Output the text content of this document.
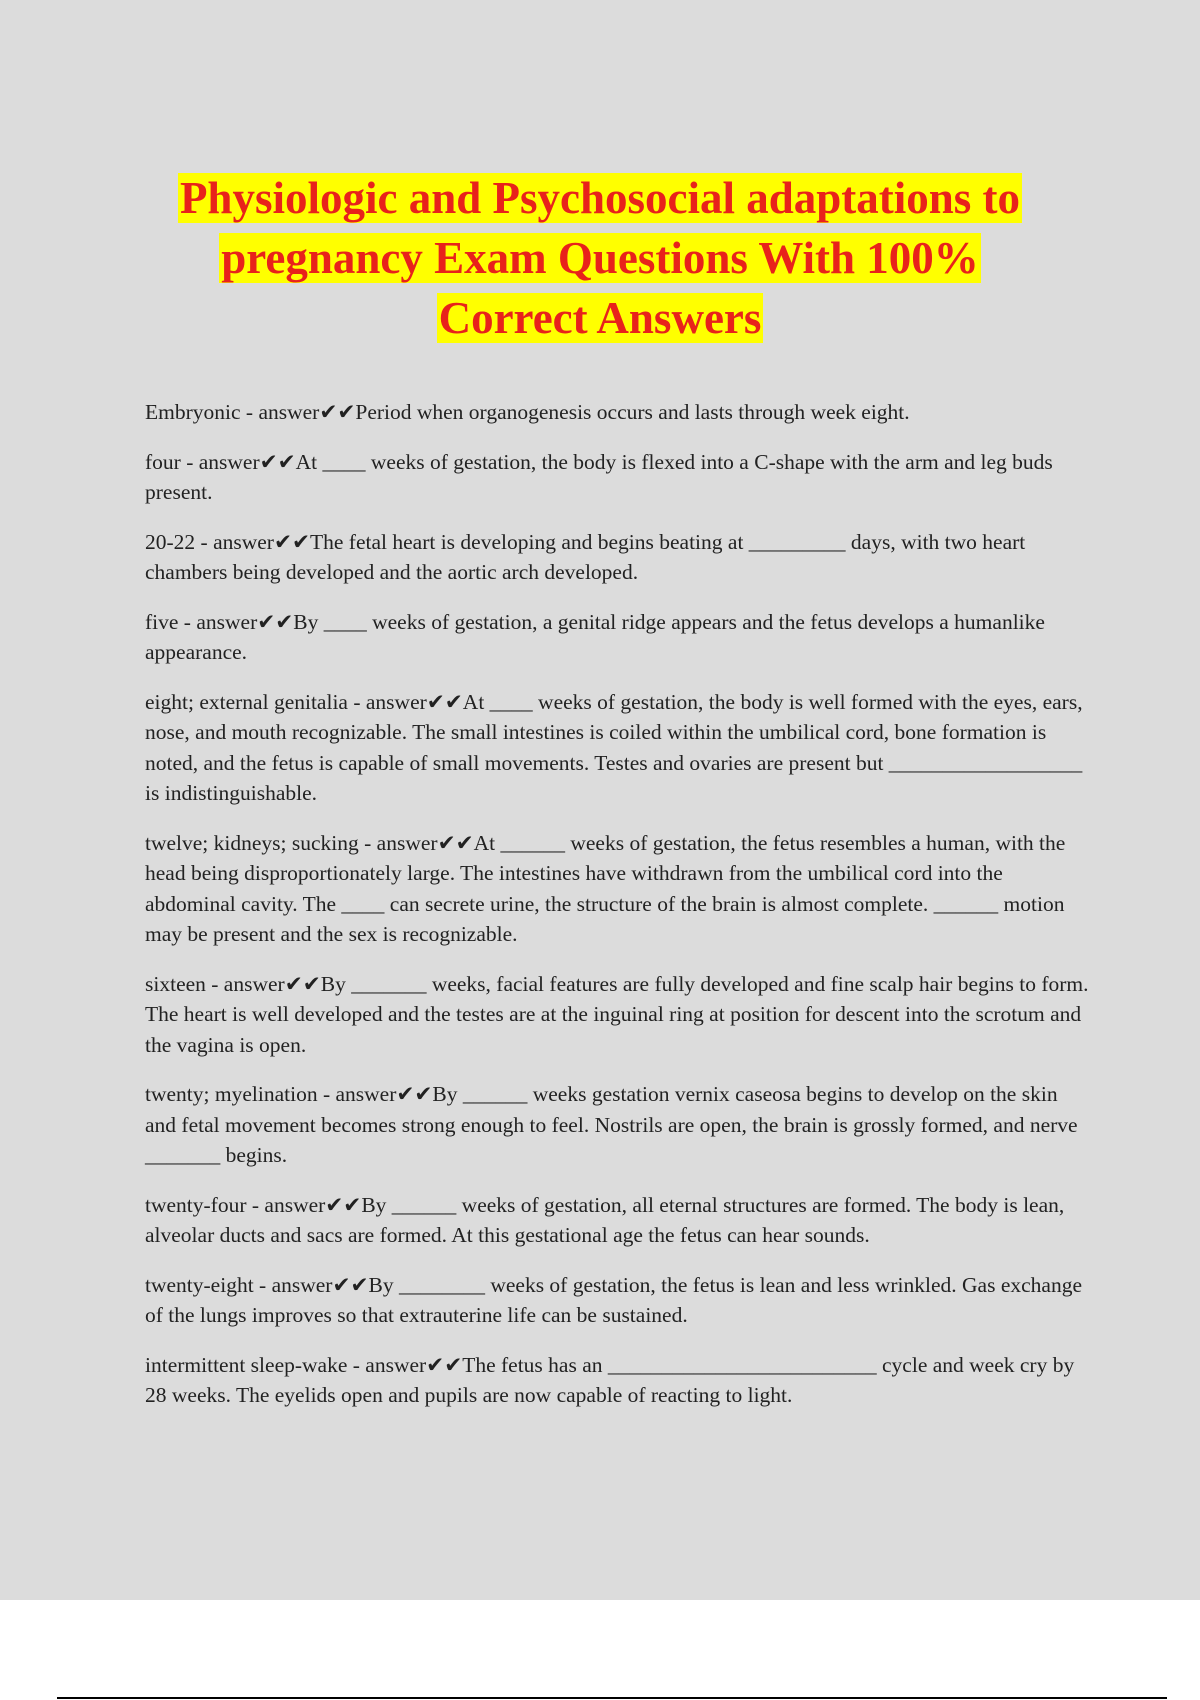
Physiologic and Psychosocial adaptations to
pregnancy Exam Questions With 100%
Correct Answers

Embryonic - answer✔✔Period when organogenesis occurs and lasts through week eight.

four - answer✔✔At ____ weeks of gestation, the body is flexed into a C-shape with the arm and leg buds present.

20-22 - answer✔✔The fetal heart is developing and begins beating at _________ days, with two heart chambers being developed and the aortic arch developed.

five - answer✔✔By ____ weeks of gestation, a genital ridge appears and the fetus develops a humanlike appearance.

eight; external genitalia - answer✔✔At ____ weeks of gestation, the body is well formed with the eyes, ears, nose, and mouth recognizable. The small intestines is coiled within the umbilical cord, bone formation is noted, and the fetus is capable of small movements. Testes and ovaries are present but __________________ is indistinguishable.

twelve; kidneys; sucking - answer✔✔At ______ weeks of gestation, the fetus resembles a human, with the head being disproportionately large. The intestines have withdrawn from the umbilical cord into the abdominal cavity. The ____ can secrete urine, the structure of the brain is almost complete. ______ motion may be present and the sex is recognizable.

sixteen - answer✔✔By _______ weeks, facial features are fully developed and fine scalp hair begins to form. The heart is well developed and the testes are at the inguinal ring at position for descent into the scrotum and the vagina is open.

twenty; myelination - answer✔✔By ______ weeks gestation vernix caseosa begins to develop on the skin and fetal movement becomes strong enough to feel. Nostrils are open, the brain is grossly formed, and nerve _______ begins.

twenty-four - answer✔✔By ______ weeks of gestation, all eternal structures are formed. The body is lean, alveolar ducts and sacs are formed. At this gestational age the fetus can hear sounds.

twenty-eight - answer✔✔By ________ weeks of gestation, the fetus is lean and less wrinkled. Gas exchange of the lungs improves so that extrauterine life can be sustained.

intermittent sleep-wake - answer✔✔The fetus has an _________________________ cycle and week cry by 28 weeks. The eyelids open and pupils are now capable of reacting to light.
